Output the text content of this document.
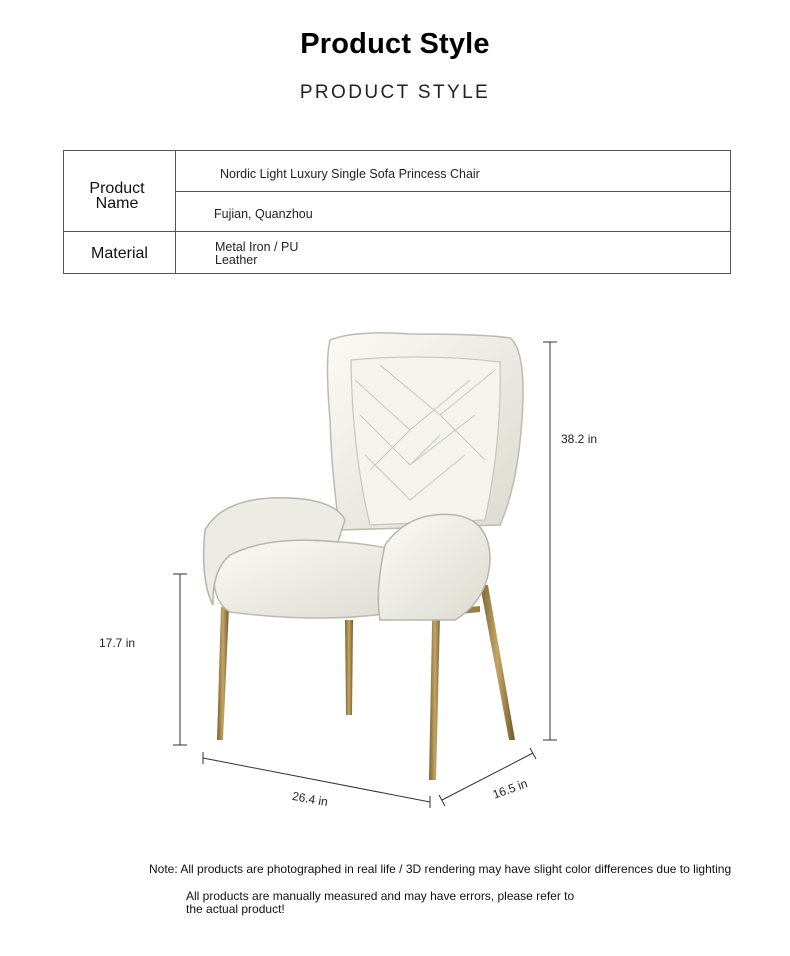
Product Style
PRODUCT STYLE
Product Name
Nordic Light Luxury Single Sofa Princess Chair
Fujian, Quanzhou
Material	Metal Iron / PU
Leather
38.2 in
17.7 in
26.4 in	16.5 in
Note: All products are photographed in real life / 3D rendering may have slight color differences due to lighting
All products are manually measured and may have errors, please refer to the actual product!
